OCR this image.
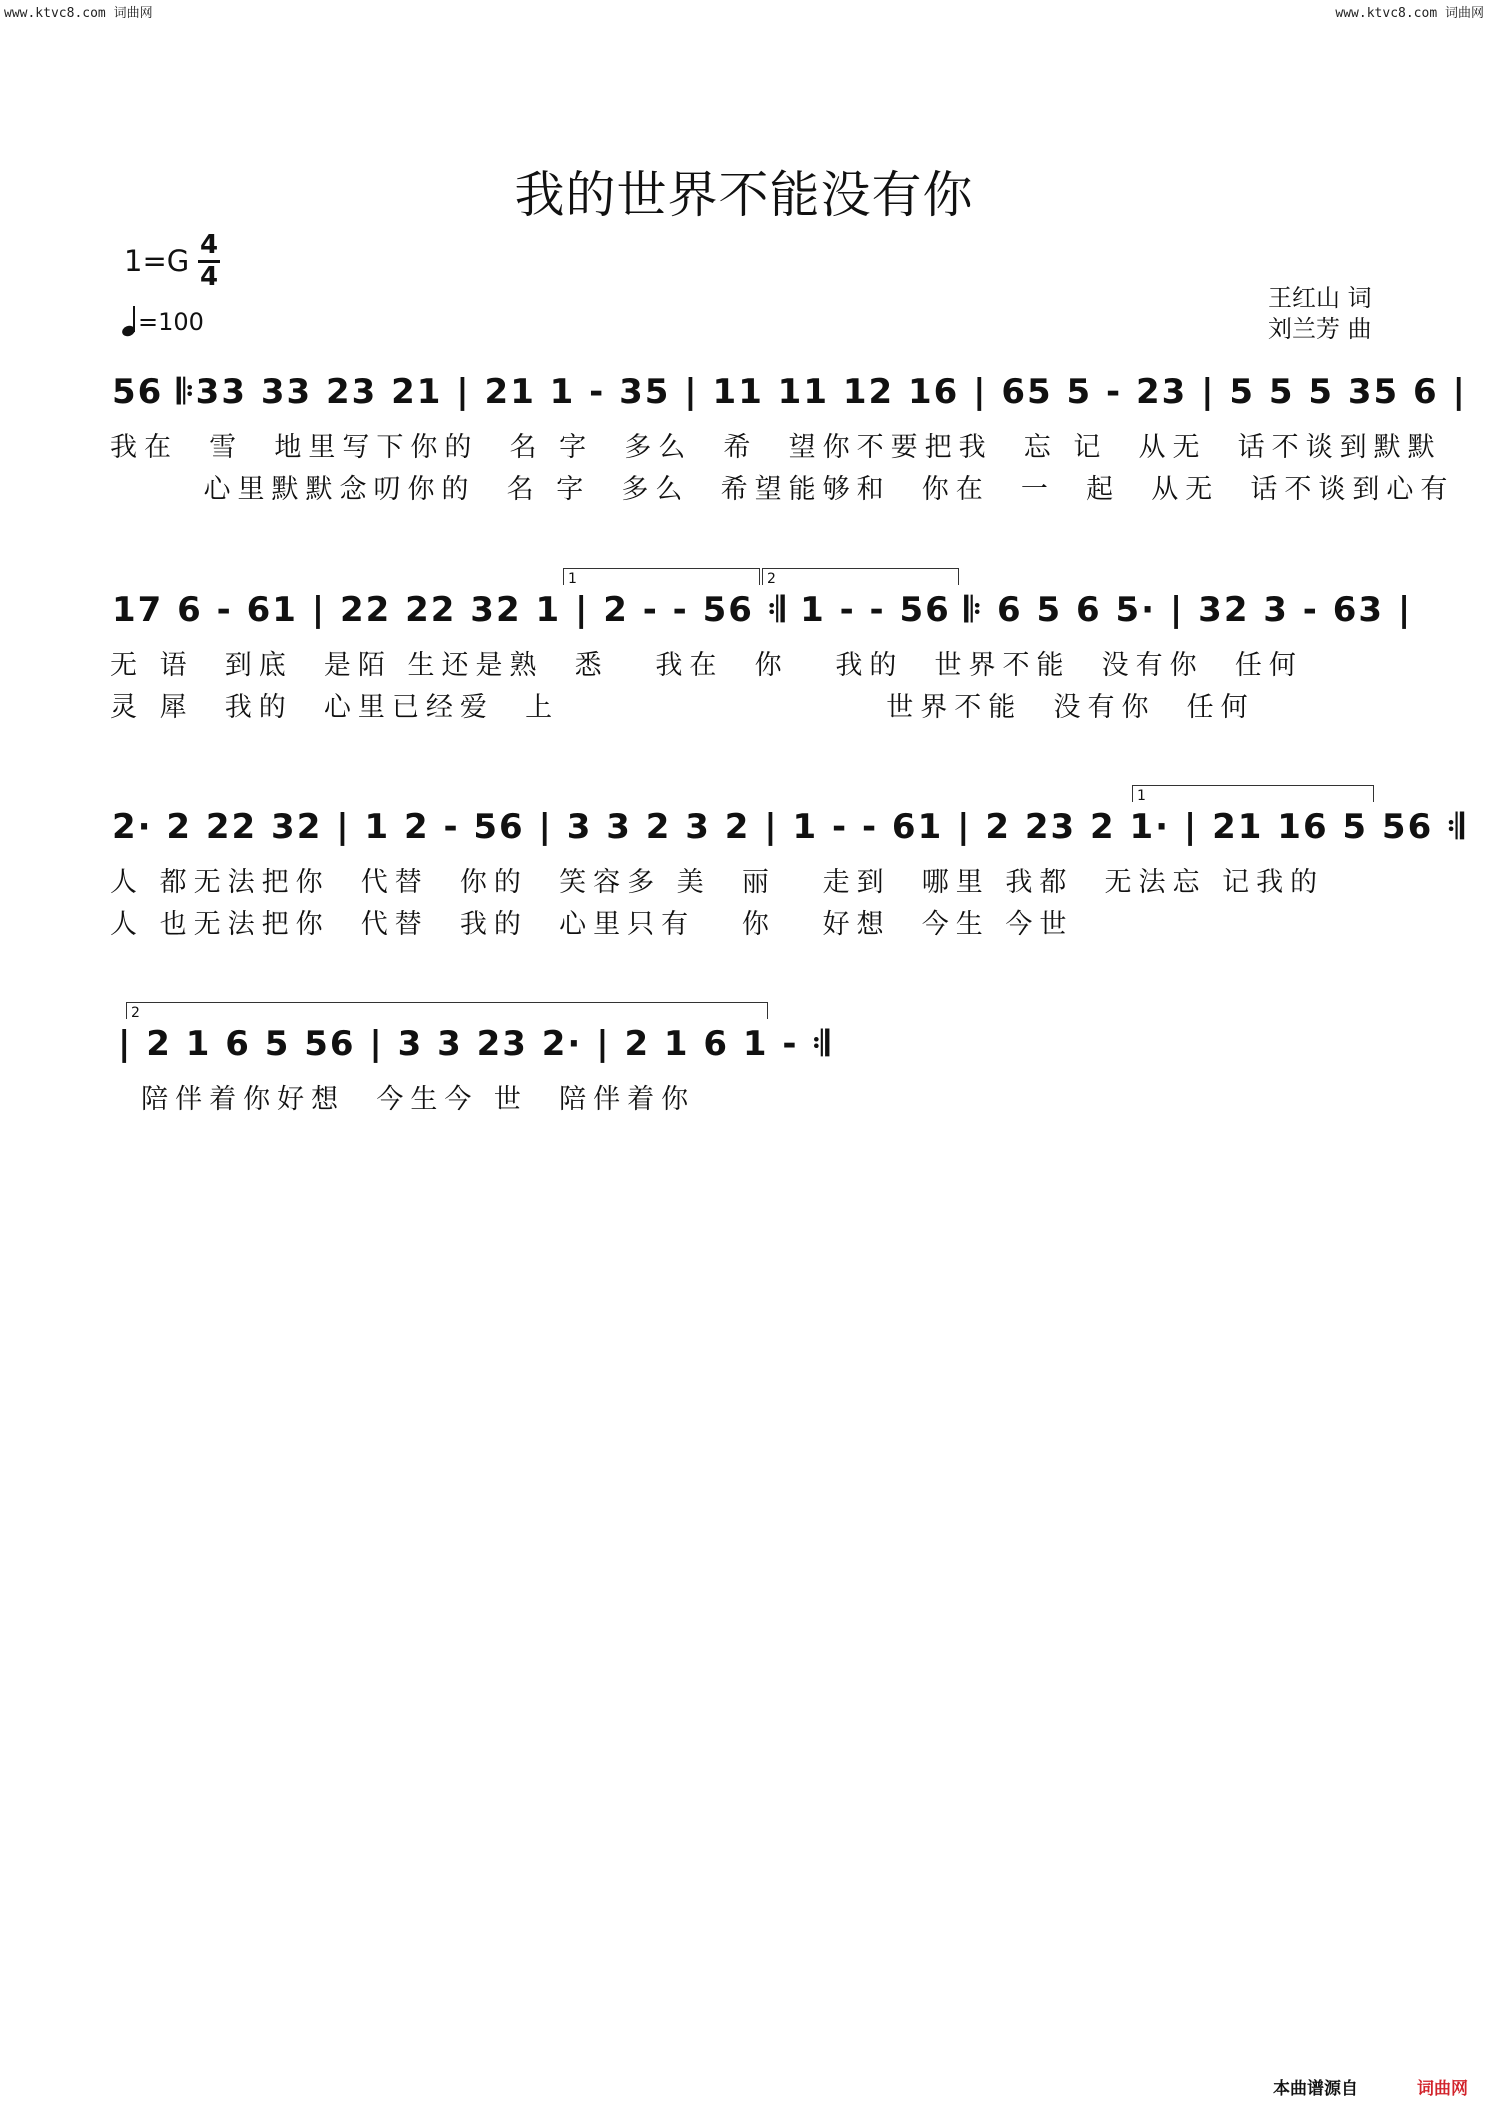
www.ktvc8.com 词曲网	www.ktvc8.com 词曲网
我的世界不能没有你
1=G 4
4
=100
王红山 词
刘兰芳 曲
56 𝄆33 33 23 21 | 21 1 - 35 | 11 11 12 16 | 65 5 - 23 | 5 5 5 35 6 |
我在  雪  地里写下你的  名 字  多么  希  望你不要把我  忘 记  从无  话不谈到默默
心里默默念叨你的  名 字  多么  希望能够和  你在  一  起  从无  话不谈到心有
1	2
17 6 - 61 | 22 22 32 1 | 2 - - 56 𝄇 1 - - 56 𝄆 6 5 6 5· | 32 3 - 63 |
无 语  到底  是陌 生还是熟  悉   我在  你   我的  世界不能  没有你  任何
灵 犀  我的  心里已经爱  上                     世界不能  没有你  任何
1
2· 2 22 32 | 1 2 - 56 | 3 3 2 3 2 | 1 - - 61 | 2 23 2 1· | 21 16 5 56 𝄇
人 都无法把你  代替  你的  笑容多 美  丽   走到  哪里 我都  无法忘 记我的
人 也无法把你  代替  我的  心里只有   你   好想  今生 今世
2
| 2 1 6 5 56 | 3 3 23 2· | 2 1 6 1 - 𝄇
陪伴着你好想  今生今 世  陪伴着你
本曲谱源自	词曲网
